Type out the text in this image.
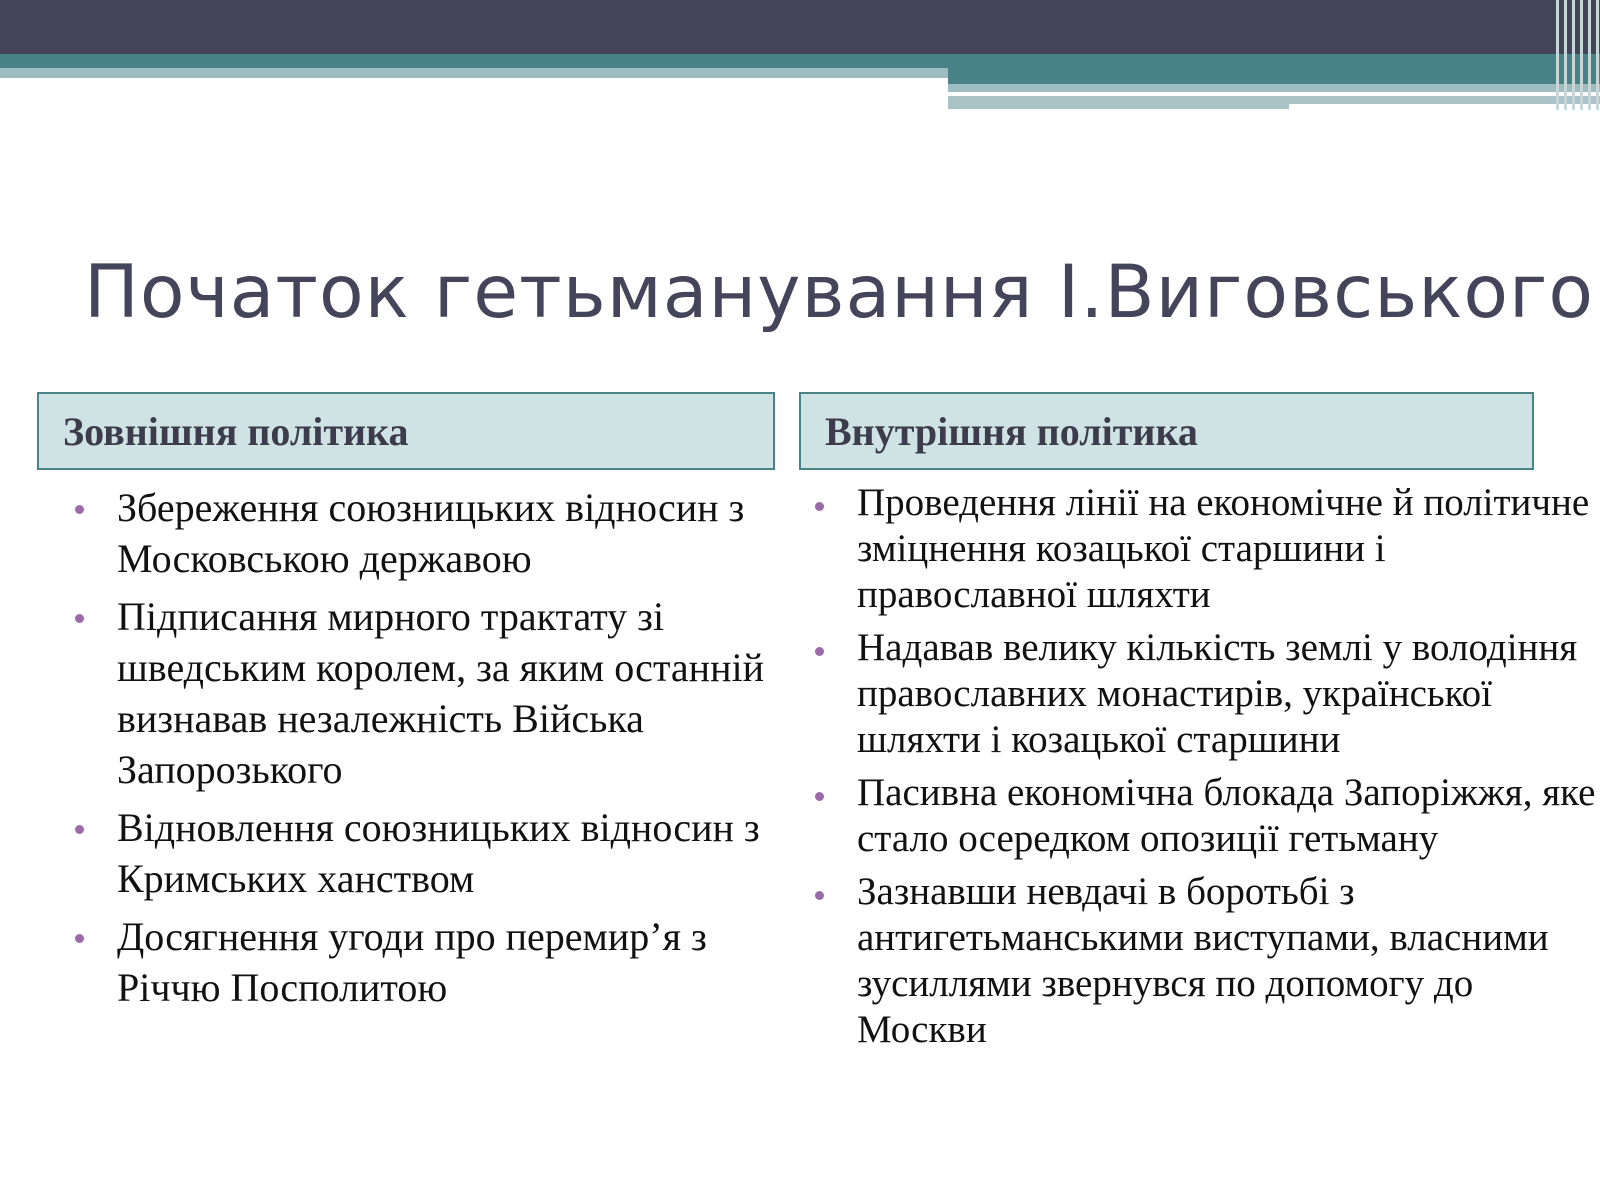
Початок гетьманування І.Виговського
Зовнішня політика	Внутрішня політика
Збереження союзницьких відносин з Московською державою
Підписання мирного трактату зі шведським королем, за яким останній визнавав незалежність Війська Запорозького
Відновлення союзницьких відносин з Кримських ханством
Досягнення угоди про перемир’я з Річчю Посполитою
Проведення лінії на економічне й політичне зміцнення козацької старшини і православної шляхти
Надавав велику кількість землі у володіння православних монастирів, української шляхти і козацької старшини
Пасивна економічна блокада Запоріжжя, яке стало осередком опозиції гетьману
Зазнавши невдачі в боротьбі з антигетьманськими виступами, власними зусиллями звернувся по допомогу до Москви
